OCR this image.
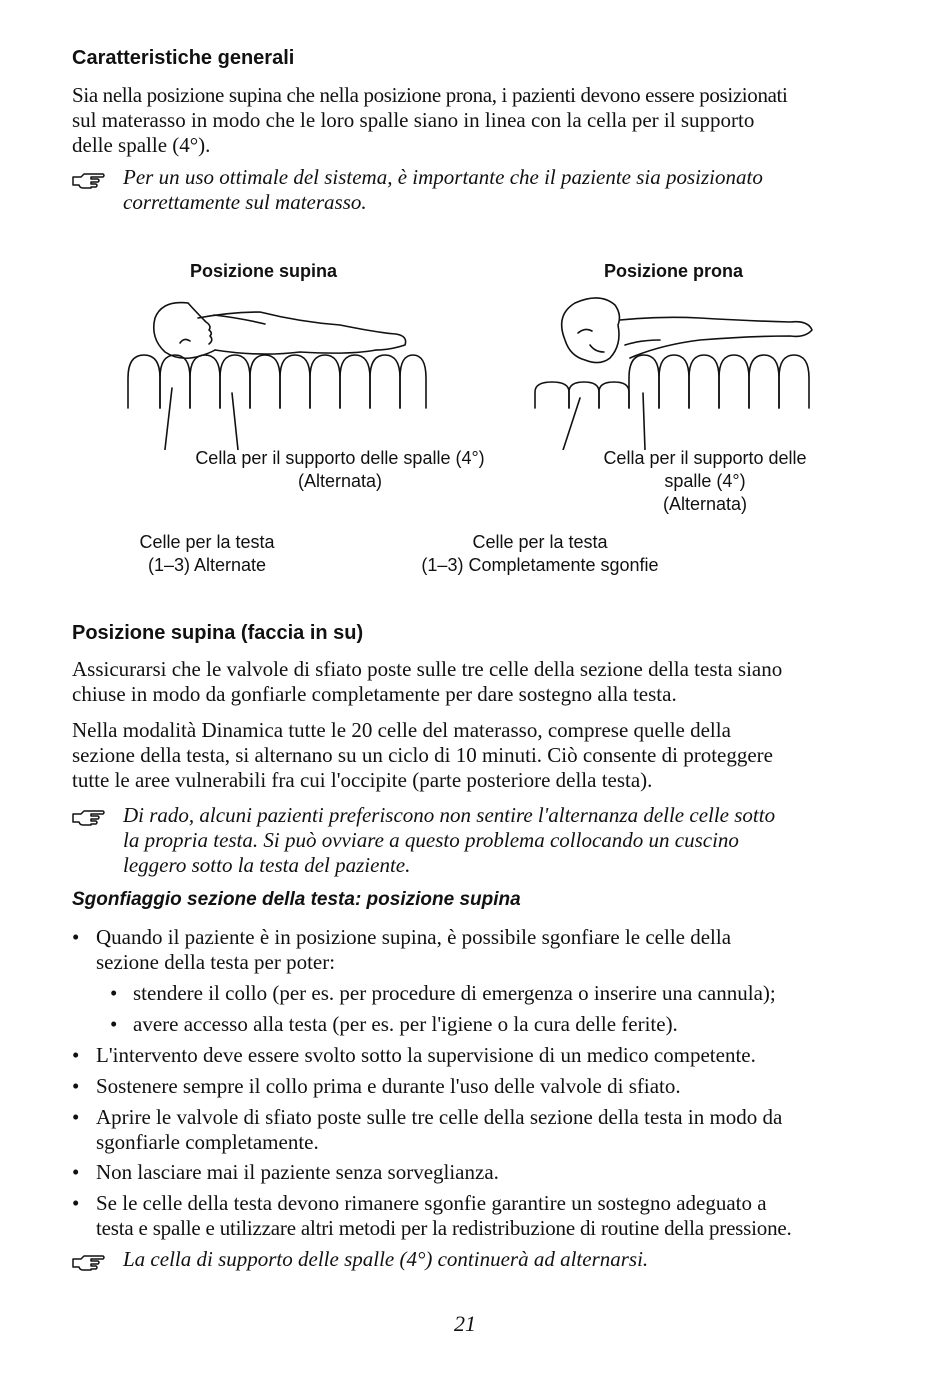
Caratteristiche generali
Sia nella posizione supina che nella posizione prona, i pazienti devono essere posizionati
sul materasso in modo che le loro spalle siano in linea con la cella per il supporto
delle spalle (4°).
Per un uso ottimale del sistema, è importante che il paziente sia posizionato
correttamente sul materasso.
Posizione supina	Posizione prona
Cella per il supporto delle spalle (4°)
(Alternata)
Celle per la testa
(1–3) Alternate
Cella per il supporto delle
spalle (4°)
(Alternata)
Celle per la testa
(1–3) Completamente sgonfie
Posizione supina (faccia in su)
Assicurarsi che le valvole di sfiato poste sulle tre celle della sezione della testa siano
chiuse in modo da gonfiarle completamente per dare sostegno alla testa.
Nella modalità Dinamica tutte le 20 celle del materasso, comprese quelle della
sezione della testa, si alternano su un ciclo di 10 minuti. Ciò consente di proteggere
tutte le aree vulnerabili fra cui l'occipite (parte posteriore della testa).
Di rado, alcuni pazienti preferiscono non sentire l'alternanza delle celle sotto
la propria testa. Si può ovviare a questo problema collocando un cuscino
leggero sotto la testa del paziente.
Sgonfiaggio sezione della testa: posizione supina
• Quando il paziente è in posizione supina, è possibile sgonfiare le celle della
sezione della testa per poter:
• stendere il collo (per es. per procedure di emergenza o inserire una cannula);
• avere accesso alla testa (per es. per l'igiene o la cura delle ferite).
• L'intervento deve essere svolto sotto la supervisione di un medico competente.
• Sostenere sempre il collo prima e durante l'uso delle valvole di sfiato.
• Aprire le valvole di sfiato poste sulle tre celle della sezione della testa in modo da
sgonfiarle completamente.
• Non lasciare mai il paziente senza sorveglianza.
• Se le celle della testa devono rimanere sgonfie garantire un sostegno adeguato a
testa e spalle e utilizzare altri metodi per la redistribuzione di routine della pressione.
La cella di supporto delle spalle (4°) continuerà ad alternarsi.
21
